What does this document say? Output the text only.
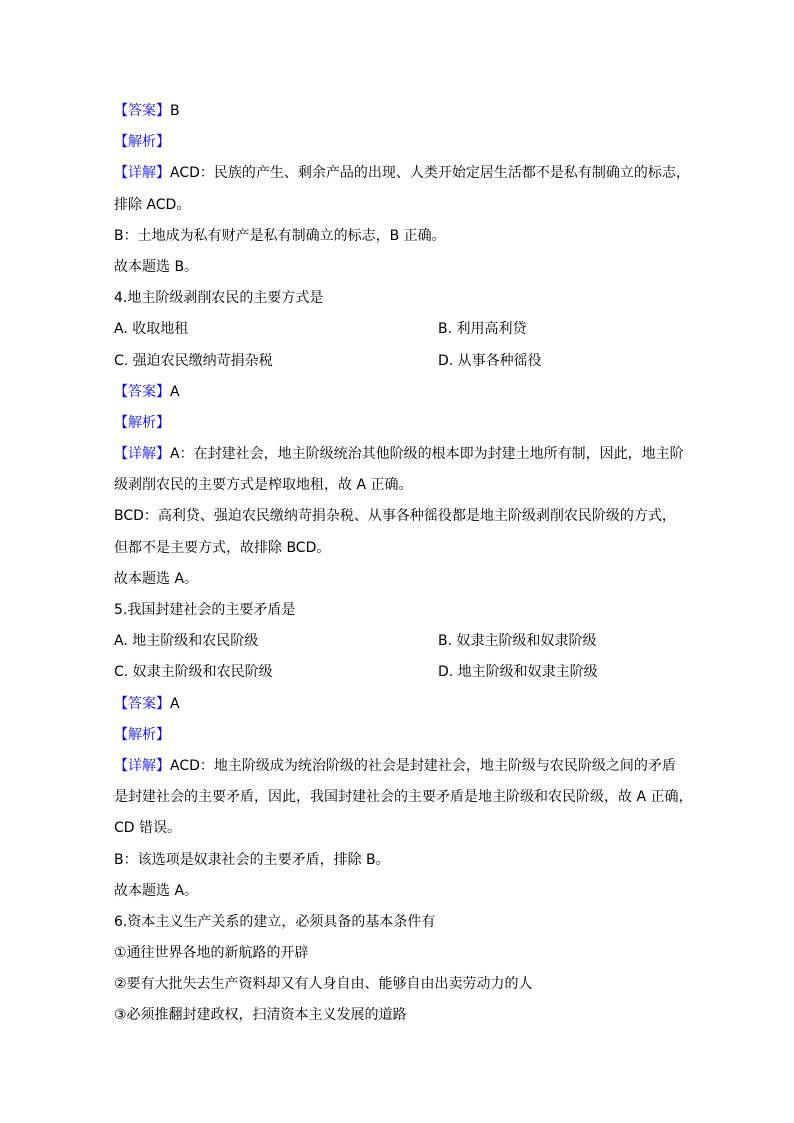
【答案】B
【解析】
【详解】ACD：民族的产生、剩余产品的出现、人类开始定居生活都不是私有制确立的标志，
排除 ACD。
B：土地成为私有财产是私有制确立的标志，B 正确。
故本题选 B。
4.地主阶级剥削农民的主要方式是
A. 收取地租	B. 利用高利贷
C. 强迫农民缴纳苛捐杂税	D. 从事各种徭役
【答案】A
【解析】
【详解】A：在封建社会，地主阶级统治其他阶级的根本即为封建土地所有制，因此，地主阶
级剥削农民的主要方式是榨取地租，故 A 正确。
BCD：高利贷、强迫农民缴纳苛捐杂税、从事各种徭役都是地主阶级剥削农民阶级的方式，
但都不是主要方式，故排除 BCD。
故本题选 A。
5.我国封建社会的主要矛盾是
A. 地主阶级和农民阶级	B. 奴隶主阶级和奴隶阶级
C. 奴隶主阶级和农民阶级	D. 地主阶级和奴隶主阶级
【答案】A
【解析】
【详解】ACD：地主阶级成为统治阶级的社会是封建社会，地主阶级与农民阶级之间的矛盾
是封建社会的主要矛盾，因此，我国封建社会的主要矛盾是地主阶级和农民阶级，故 A 正确，
CD 错误。
B：该选项是奴隶社会的主要矛盾，排除 B。
故本题选 A。
6.资本主义生产关系的建立，必须具备的基本条件有
①通往世界各地的新航路的开辟
②要有大批失去生产资料却又有人身自由、能够自由出卖劳动力的人
③必须推翻封建政权，扫清资本主义发展的道路
